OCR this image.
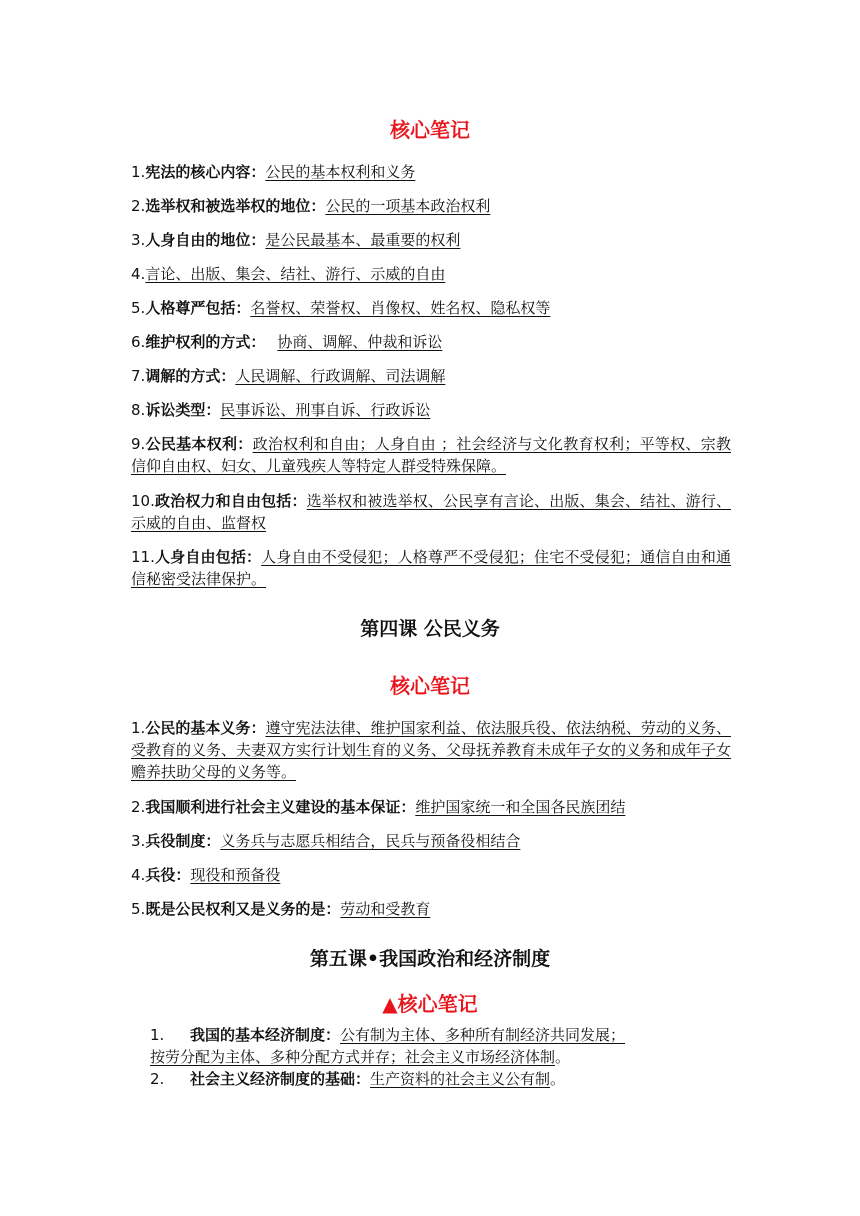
核心笔记
1.宪法的核心内容：公民的基本权利和义务
2.选举权和被选举权的地位：公民的一项基本政治权利
3.人身自由的地位：是公民最基本、最重要的权利
4.言论、出版、集会、结社、游行、示威的自由
5.人格尊严包括：名誉权、荣誉权、肖像权、姓名权、隐私权等
6.维护权利的方式： 协商、调解、仲裁和诉讼
7.调解的方式：人民调解、行政调解、司法调解
8.诉讼类型：民事诉讼、刑事自诉、行政诉讼
9.公民基本权利：政治权利和自由；人身自由 ；社会经济与文化教育权利；平等权、宗教信仰自由权、妇女、儿童残疾人等特定人群受特殊保障。
10.政治权力和自由包括：选举权和被选举权、公民享有言论、出版、集会、结社、游行、示威的自由、监督权
11.人身自由包括：人身自由不受侵犯；人格尊严不受侵犯；住宅不受侵犯；通信自由和通信秘密受法律保护。
第四课 公民义务
核心笔记
1.公民的基本义务：遵守宪法法律、维护国家利益、依法服兵役、依法纳税、劳动的义务、受教育的义务、夫妻双方实行计划生育的义务、父母抚养教育未成年子女的义务和成年子女赡养扶助父母的义务等。
2.我国顺利进行社会主义建设的基本保证：维护国家统一和全国各民族团结
3.兵役制度：义务兵与志愿兵相结合，民兵与预备役相结合
4.兵役：现役和预备役
5.既是公民权利又是义务的是：劳动和受教育
第五课•我国政治和经济制度
▲核心笔记
1. 我国的基本经济制度：公有制为主体、多种所有制经济共同发展；
按劳分配为主体、多种分配方式并存；社会主义市场经济体制。
2. 社会主义经济制度的基础：生产资料的社会主义公有制。
